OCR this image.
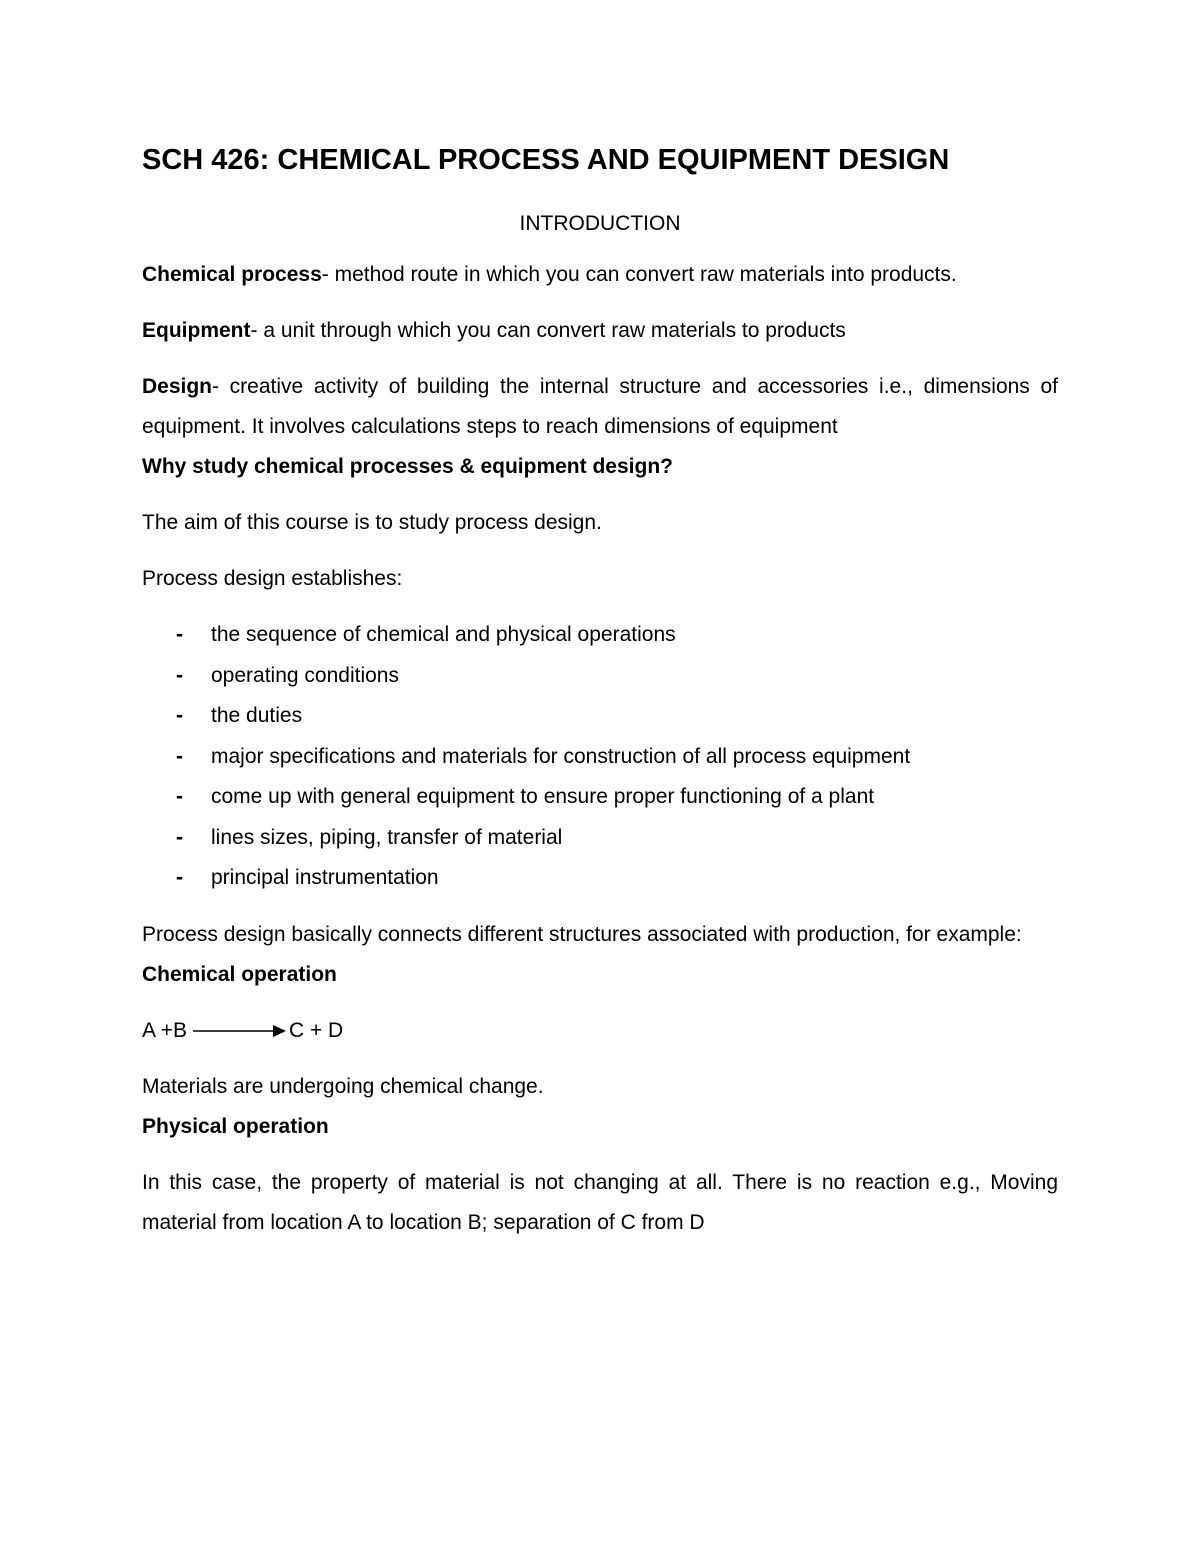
SCH 426: CHEMICAL PROCESS AND EQUIPMENT DESIGN
INTRODUCTION

Chemical process- method route in which you can convert raw materials into products.

Equipment- a unit through which you can convert raw materials to products

Design- creative activity of building the internal structure and accessories i.e., dimensions of equipment. It involves calculations steps to reach dimensions of equipment

Why study chemical processes & equipment design?

The aim of this course is to study process design.

Process design establishes:

- the sequence of chemical and physical operations
- operating conditions
- the duties
- major specifications and materials for construction of all process equipment
- come up with general equipment to ensure proper functioning of a plant
- lines sizes, piping, transfer of material
- principal instrumentation

Process design basically connects different structures associated with production, for example:

Chemical operation
A +B	C + D

Materials are undergoing chemical change.

Physical operation

In this case, the property of material is not changing at all. There is no reaction e.g., Moving material from location A to location B; separation of C from D
